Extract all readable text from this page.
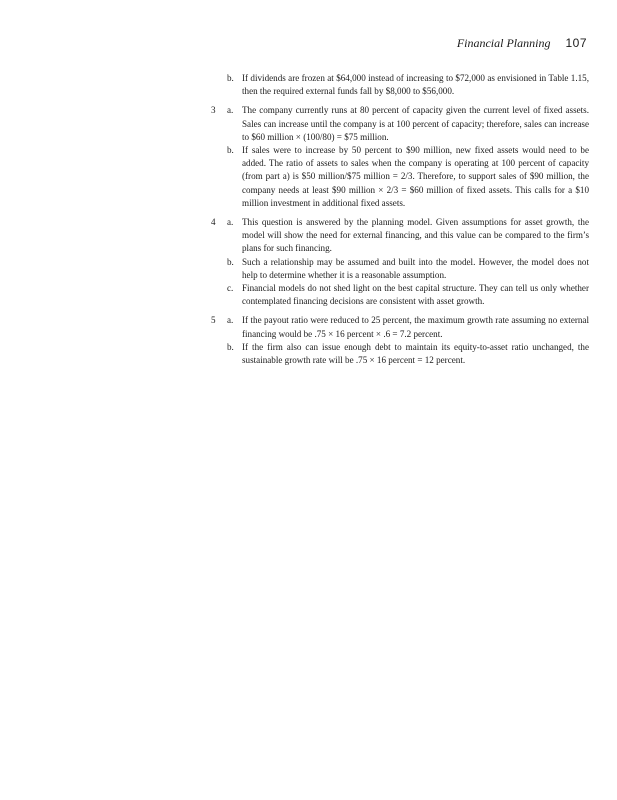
Financial Planning 107
b. If dividends are frozen at $64,000 instead of increasing to $72,000 as envisioned in Table 1.15, then the required external funds fall by $8,000 to $56,000.
3 a. The company currently runs at 80 percent of capacity given the current level of fixed assets. Sales can increase until the company is at 100 percent of capacity; therefore, sales can increase to $60 million × (100/80) = $75 million.
b. If sales were to increase by 50 percent to $90 million, new fixed assets would need to be added. The ratio of assets to sales when the company is operating at 100 percent of capacity (from part a) is $50 million/$75 million = 2/3. Therefore, to support sales of $90 million, the company needs at least $90 million × 2/3 = $60 million of fixed assets. This calls for a $10 million investment in additional fixed assets.
4 a. This question is answered by the planning model. Given assumptions for asset growth, the model will show the need for external financing, and this value can be compared to the firm’s plans for such financing.
b. Such a relationship may be assumed and built into the model. However, the model does not help to determine whether it is a reasonable assumption.
c. Financial models do not shed light on the best capital structure. They can tell us only whether contemplated financing decisions are consistent with asset growth.
5 a. If the payout ratio were reduced to 25 percent, the maximum growth rate assuming no external financing would be .75 × 16 percent × .6 = 7.2 percent.
b. If the firm also can issue enough debt to maintain its equity-to-asset ratio unchanged, the sustainable growth rate will be .75 × 16 percent = 12 percent.
